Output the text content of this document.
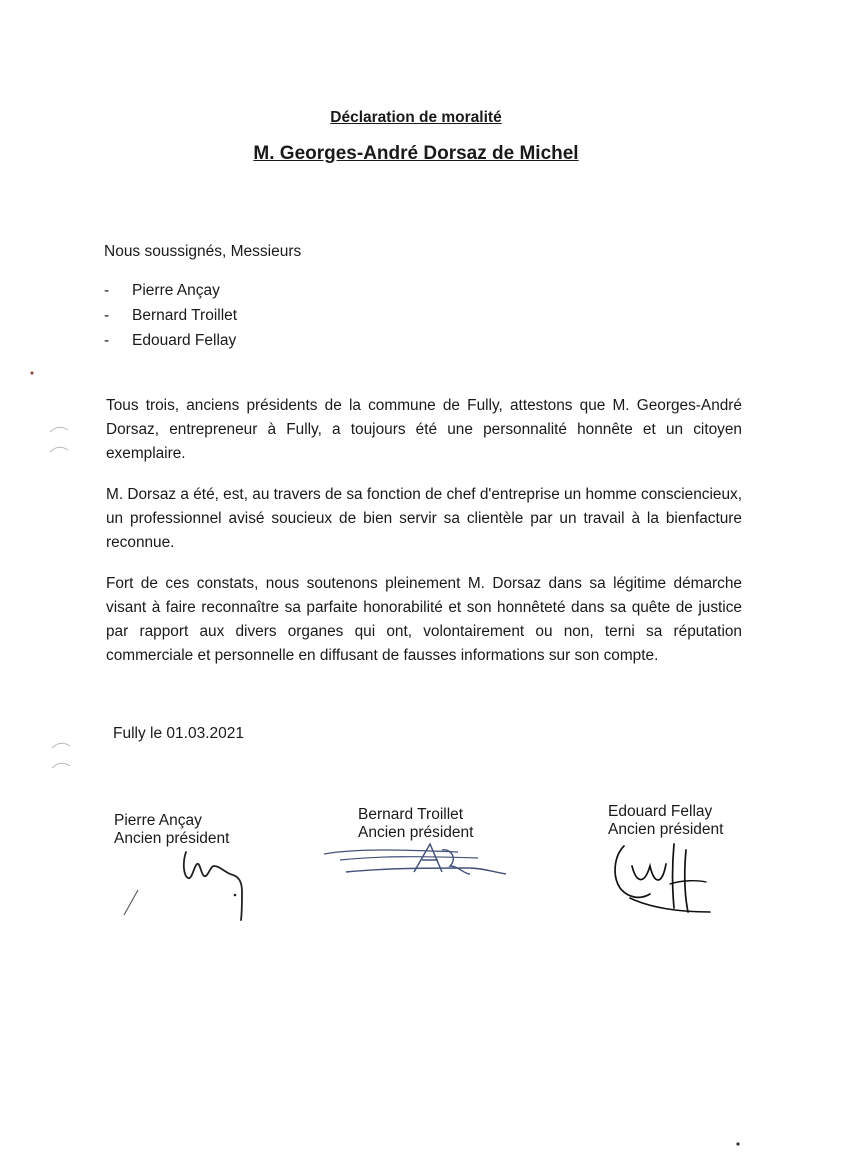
Déclaration de moralité
M. Georges-André Dorsaz de Michel
Nous soussignés, Messieurs
-	Pierre Ançay
-	Bernard Troillet
-	Edouard Fellay

Tous trois, anciens présidents de la commune de Fully, attestons que M. Georges-André Dorsaz, entrepreneur à Fully, a toujours été une personnalité honnête et un citoyen exemplaire.

M. Dorsaz a été, est, au travers de sa fonction de chef d'entreprise un homme consciencieux, un professionnel avisé soucieux de bien servir sa clientèle par un travail à la bienfacture reconnue.

Fort de ces constats, nous soutenons pleinement M. Dorsaz dans sa légitime démarche visant à faire reconnaître sa parfaite honorabilité et son honnêteté dans sa quête de justice par rapport aux divers organes qui ont, volontairement ou non, terni sa réputation commerciale et personnelle en diffusant de fausses informations sur son compte.

Fully le 01.03.2021
Pierre Ançay
Ancien président
Bernard Troillet
Ancien président
Edouard Fellay
Ancien président
